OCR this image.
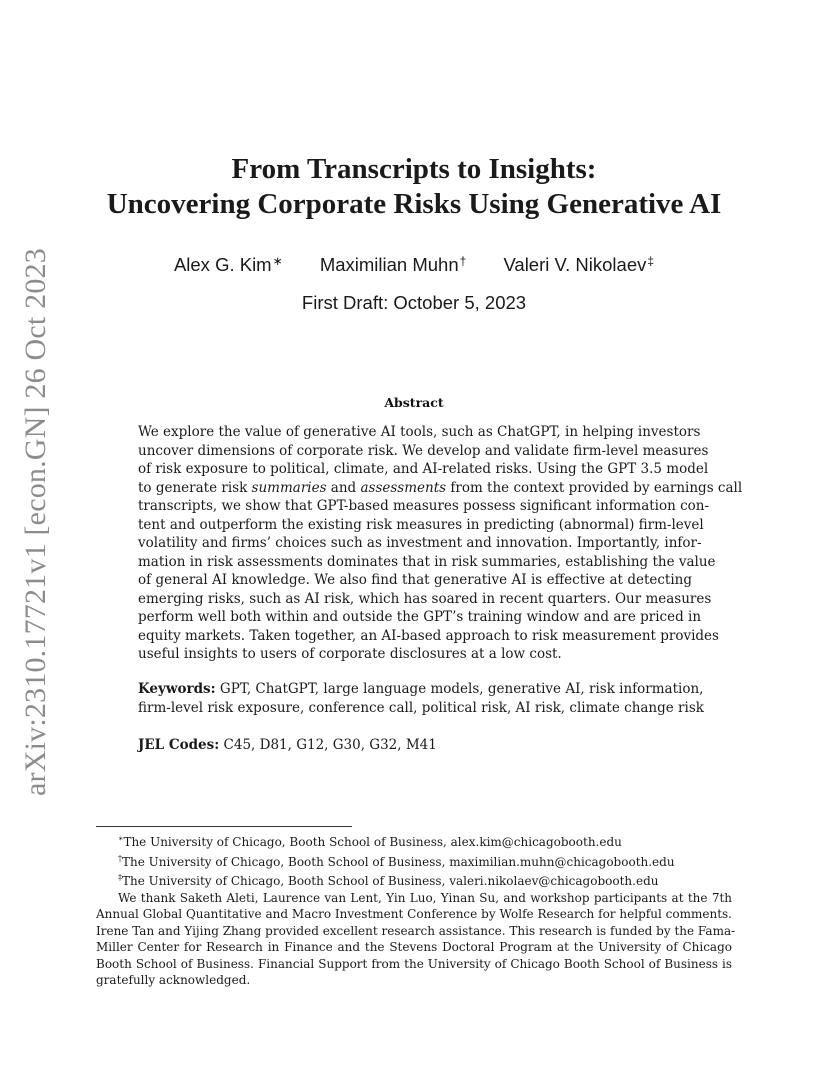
arXiv:2310.17721v1 [econ.GN] 26 Oct 2023
From Transcripts to Insights:
Uncovering Corporate Risks Using Generative AI
Alex G. Kim∗ Maximilian Muhn† Valeri V. Nikolaev‡
First Draft: October 5, 2023
Abstract
We explore the value of generative AI tools, such as ChatGPT, in helping investors
uncover dimensions of corporate risk. We develop and validate firm-level measures
of risk exposure to political, climate, and AI-related risks. Using the GPT 3.5 model
to generate risk summaries and assessments from the context provided by earnings call
transcripts, we show that GPT-based measures possess significant information con-
tent and outperform the existing risk measures in predicting (abnormal) firm-level
volatility and firms’ choices such as investment and innovation. Importantly, infor-
mation in risk assessments dominates that in risk summaries, establishing the value
of general AI knowledge. We also find that generative AI is effective at detecting
emerging risks, such as AI risk, which has soared in recent quarters. Our measures
perform well both within and outside the GPT’s training window and are priced in
equity markets. Taken together, an AI-based approach to risk measurement provides
useful insights to users of corporate disclosures at a low cost.
Keywords: GPT, ChatGPT, large language models, generative AI, risk information,
firm-level risk exposure, conference call, political risk, AI risk, climate change risk
JEL Codes: C45, D81, G12, G30, G32, M41
∗The University of Chicago, Booth School of Business, alex.kim@chicagobooth.edu
†The University of Chicago, Booth School of Business, maximilian.muhn@chicagobooth.edu
‡The University of Chicago, Booth School of Business, valeri.nikolaev@chicagobooth.edu
We thank Saketh Aleti, Laurence van Lent, Yin Luo, Yinan Su, and workshop participants at the 7th
Annual Global Quantitative and Macro Investment Conference by Wolfe Research for helpful comments.
Irene Tan and Yijing Zhang provided excellent research assistance. This research is funded by the Fama-
Miller Center for Research in Finance and the Stevens Doctoral Program at the University of Chicago
Booth School of Business. Financial Support from the University of Chicago Booth School of Business is
gratefully acknowledged.
